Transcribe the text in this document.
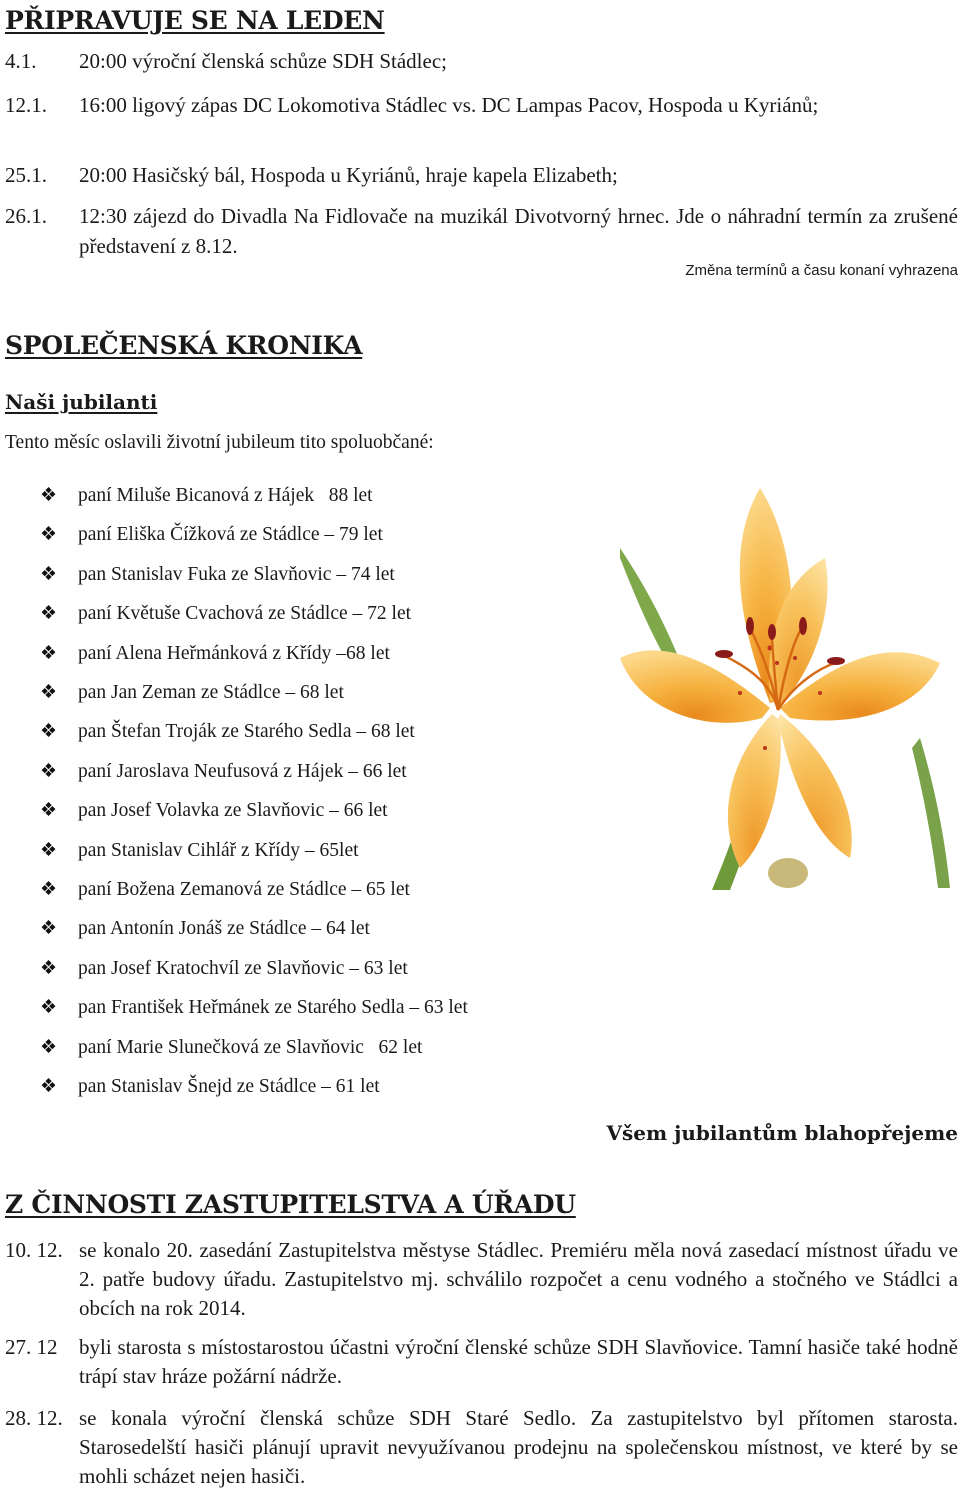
PŘIPRAVUJE SE NA LEDEN
4.1. 20:00 výroční členská schůze SDH Stádlec;
12.1. 16:00 ligový zápas DC Lokomotiva Stádlec vs. DC Lampas Pacov, Hospoda u Kyriánů;
25.1. 20:00 Hasičský bál, Hospoda u Kyriánů, hraje kapela Elizabeth;
26.1. 12:30 zájezd do Divadla Na Fidlovače na muzikál Divotvorný hrnec. Jde o náhradní termín za zrušené představení z 8.12.
Změna termínů a času konaní vyhrazena
SPOLEČENSKÁ KRONIKA
Naši jubilanti
Tento měsíc oslavili životní jubileum tito spoluobčané:
❖ paní Miluše Bicanová z Hájek   88 let
❖ paní Eliška Čížková ze Stádlce – 79 let
❖ pan Stanislav Fuka ze Slavňovic – 74 let
❖ paní Květuše Cvachová ze Stádlce – 72 let
❖ paní Alena Heřmánková z Křídy –68 let
❖ pan Jan Zeman ze Stádlce – 68 let
❖ pan Štefan Troják ze Starého Sedla – 68 let
❖ paní Jaroslava Neufusová z Hájek – 66 let
❖ pan Josef Volavka ze Slavňovic – 66 let
❖ pan Stanislav Cihlář z Křídy – 65let
❖ paní Božena Zemanová ze Stádlce – 65 let
❖ pan Antonín Jonáš ze Stádlce – 64 let
❖ pan Josef Kratochvíl ze Slavňovic – 63 let
❖ pan František Heřmánek ze Starého Sedla – 63 let
❖ paní Marie Slunečková ze Slavňovic   62 let
❖ pan Stanislav Šnejd ze Stádlce – 61 let
Všem jubilantům blahopřejeme
Z ČINNOSTI ZASTUPITELSTVA A ÚŘADU
10. 12. se konalo 20. zasedání Zastupitelstva městyse Stádlec. Premiéru měla nová zasedací místnost úřadu ve 2. patře budovy úřadu. Zastupitelstvo mj. schválilo rozpočet a cenu vodného a stočného ve Stádlci a obcích na rok 2014.
27. 12 byli starosta s místostarostou účastni výroční členské schůze SDH Slavňovice. Tamní hasiče také hodně trápí stav hráze požární nádrže.
28. 12. se konala výroční členská schůze SDH Staré Sedlo. Za zastupitelstvo byl přítomen starosta. Starosedelští hasiči plánují upravit nevyužívanou prodejnu na společenskou místnost, ve které by se mohli scházet nejen hasiči.
